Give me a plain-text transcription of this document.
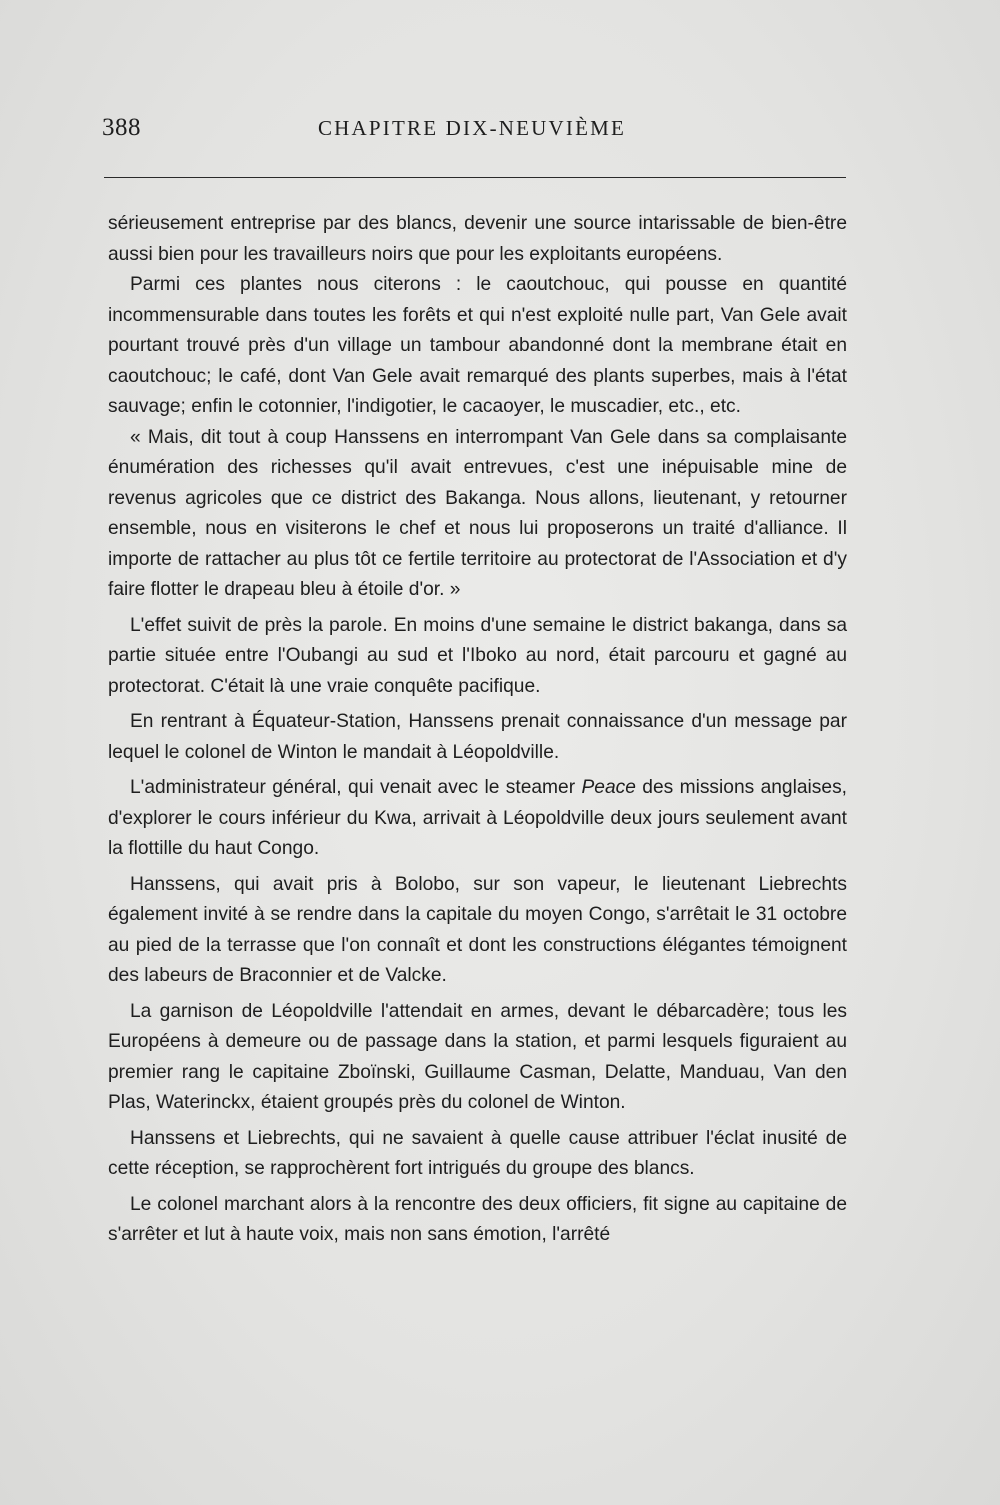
388	CHAPITRE DIX-NEUVIÈME

sérieusement entreprise par des blancs, devenir une source intarissable de bien-être aussi bien pour les travailleurs noirs que pour les exploitants européens.

Parmi ces plantes nous citerons : le caoutchouc, qui pousse en quantité incommensurable dans toutes les forêts et qui n'est exploité nulle part, Van Gele avait pourtant trouvé près d'un village un tambour abandonné dont la membrane était en caoutchouc; le café, dont Van Gele avait remarqué des plants superbes, mais à l'état sauvage; enfin le cotonnier, l'indigotier, le cacaoyer, le muscadier, etc., etc.

« Mais, dit tout à coup Hanssens en interrompant Van Gele dans sa complaisante énumération des richesses qu'il avait entrevues, c'est une inépuisable mine de revenus agricoles que ce district des Bakanga. Nous allons, lieutenant, y retourner ensemble, nous en visiterons le chef et nous lui proposerons un traité d'alliance. Il importe de rattacher au plus tôt ce fertile territoire au protectorat de l'Association et d'y faire flotter le drapeau bleu à étoile d'or. »

L'effet suivit de près la parole. En moins d'une semaine le district bakanga, dans sa partie située entre l'Oubangi au sud et l'Iboko au nord, était parcouru et gagné au protectorat. C'était là une vraie conquête pacifique.

En rentrant à Équateur-Station, Hanssens prenait connaissance d'un message par lequel le colonel de Winton le mandait à Léopoldville.

L'administrateur général, qui venait avec le steamer Peace des missions anglaises, d'explorer le cours inférieur du Kwa, arrivait à Léopoldville deux jours seulement avant la flottille du haut Congo.

Hanssens, qui avait pris à Bolobo, sur son vapeur, le lieutenant Liebrechts également invité à se rendre dans la capitale du moyen Congo, s'arrêtait le 31 octobre au pied de la terrasse que l'on connaît et dont les constructions élégantes témoignent des labeurs de Braconnier et de Valcke.

La garnison de Léopoldville l'attendait en armes, devant le débarcadère; tous les Européens à demeure ou de passage dans la station, et parmi lesquels figuraient au premier rang le capitaine Zboïnski, Guillaume Casman, Delatte, Manduau, Van den Plas, Waterinckx, étaient groupés près du colonel de Winton.

Hanssens et Liebrechts, qui ne savaient à quelle cause attribuer l'éclat inusité de cette réception, se rapprochèrent fort intrigués du groupe des blancs.

Le colonel marchant alors à la rencontre des deux officiers, fit signe au capitaine de s'arrêter et lut à haute voix, mais non sans émotion, l'arrêté
